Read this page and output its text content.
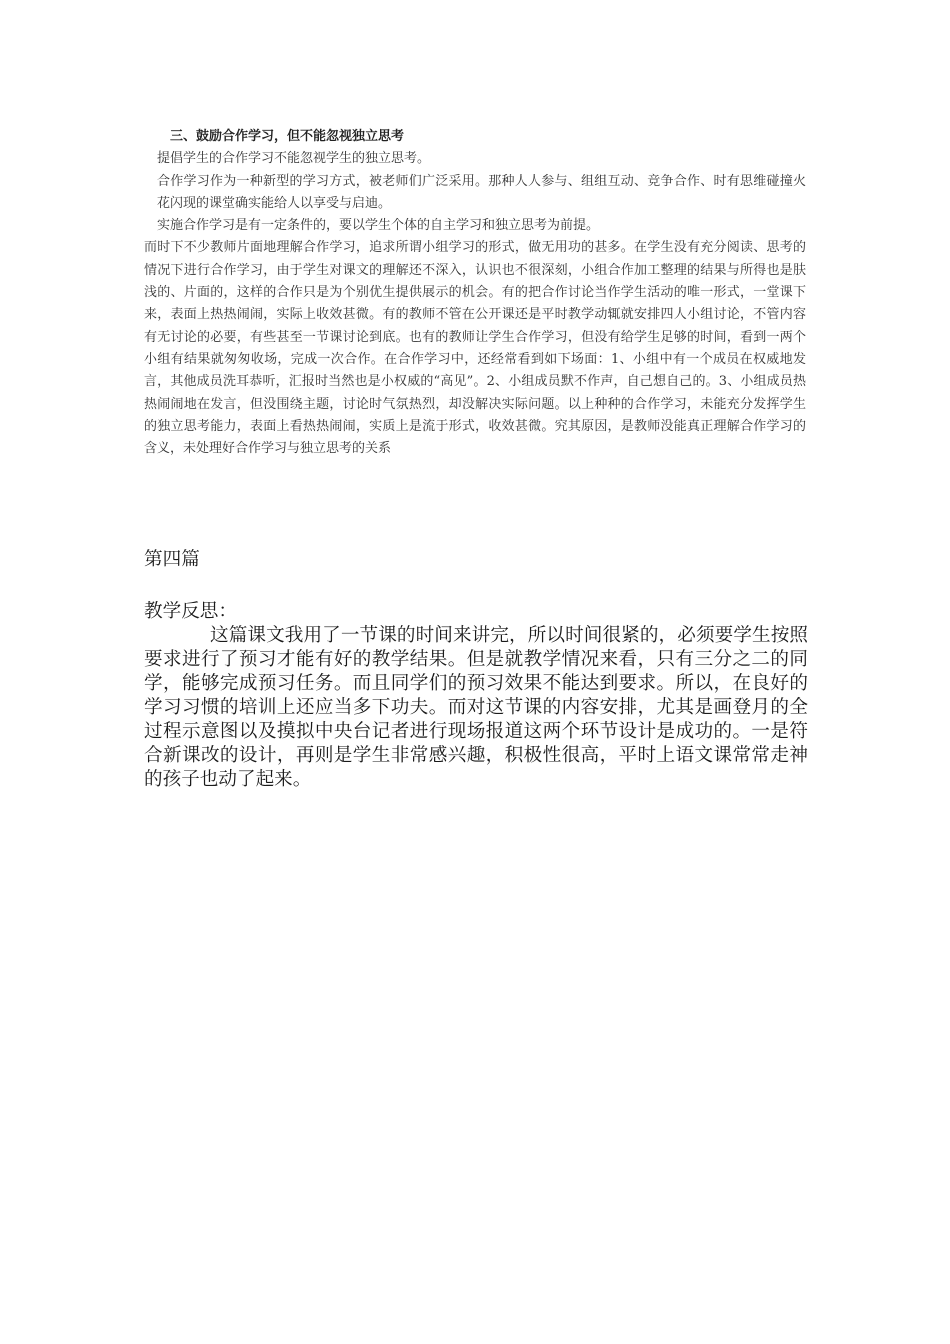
三、鼓励合作学习，但不能忽视独立思考

提倡学生的合作学习不能忽视学生的独立思考。

合作学习作为一种新型的学习方式，被老师们广泛采用。那种人人参与、组组互动、竞争合作、时有思维碰撞火花闪现的课堂确实能给人以享受与启迪。

实施合作学习是有一定条件的，要以学生个体的自主学习和独立思考为前提。

而时下不少教师片面地理解合作学习，追求所谓小组学习的形式，做无用功的甚多。在学生没有充分阅读、思考的情况下进行合作学习，由于学生对课文的理解还不深入，认识也不很深刻，小组合作加工整理的结果与所得也是肤浅的、片面的，这样的合作只是为个别优生提供展示的机会。有的把合作讨论当作学生活动的唯一形式，一堂课下来，表面上热热闹闹，实际上收效甚微。有的教师不管在公开课还是平时教学动辄就安排四人小组讨论，不管内容有无讨论的必要，有些甚至一节课讨论到底。也有的教师让学生合作学习，但没有给学生足够的时间，看到一两个小组有结果就匆匆收场，完成一次合作。在合作学习中，还经常看到如下场面：1、小组中有一个成员在权威地发言，其他成员洗耳恭听，汇报时当然也是小权威的“高见”。2、小组成员默不作声，自己想自己的。3、小组成员热热闹闹地在发言，但没围绕主题，讨论时气氛热烈，却没解决实际问题。以上种种的合作学习，未能充分发挥学生的独立思考能力，表面上看热热闹闹，实质上是流于形式，收效甚微。究其原因，是教师没能真正理解合作学习的含义，未处理好合作学习与独立思考的关系

第四篇
教学反思：

这篇课文我用了一节课的时间来讲完，所以时间很紧的，必须要学生按照要求进行了预习才能有好的教学结果。但是就教学情况来看，只有三分之二的同学，能够完成预习任务。而且同学们的预习效果不能达到要求。所以，在良好的学习习惯的培训上还应当多下功夫。而对这节课的内容安排，尤其是画登月的全过程示意图以及摸拟中央台记者进行现场报道这两个环节设计是成功的。一是符合新课改的设计，再则是学生非常感兴趣，积极性很高，平时上语文课常常走神的孩子也动了起来。
